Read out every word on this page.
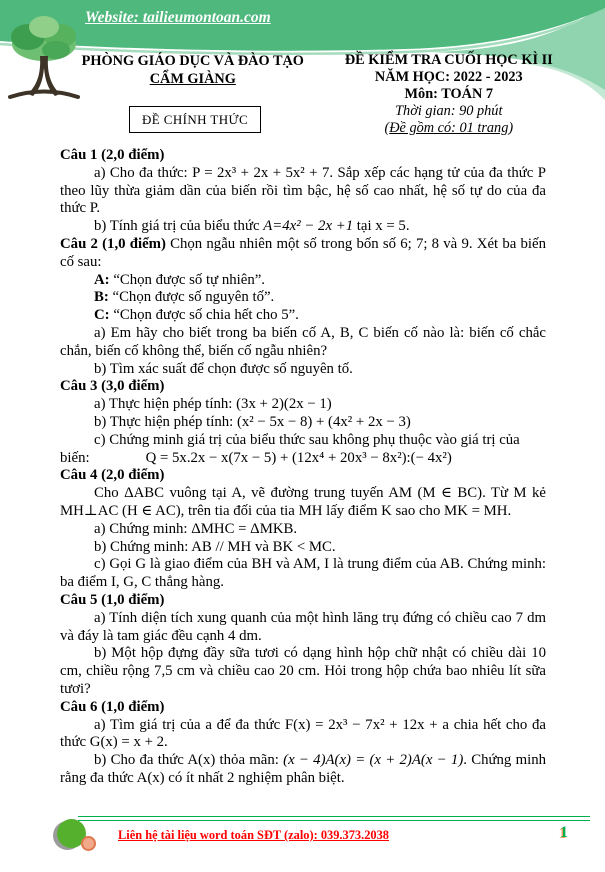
Website: tailieumontoan.com
PHÒNG GIÁO DỤC VÀ ĐÀO TẠO
CẨM GIÀNG
ĐỀ KIỂM TRA CUỐI HỌC KÌ II
NĂM HỌC: 2022 - 2023
Môn: TOÁN 7
Thời gian: 90 phút
(Đề gồm có: 01 trang)
ĐỀ CHÍNH THỨC

Câu 1 (2,0 điểm)

a) Cho đa thức: P = 2x³ + 2x + 5x² + 7. Sắp xếp các hạng tử của đa thức P theo lũy thừa giảm dần của biến rồi tìm bậc, hệ số cao nhất, hệ số tự do của đa thức P.

b) Tính giá trị của biểu thức A=4x² − 2x +1 tại x = 5.

Câu 2 (1,0 điểm) Chọn ngẫu nhiên một số trong bốn số 6; 7; 8 và 9. Xét ba biến cố sau:

A: “Chọn được số tự nhiên”.

B: “Chọn được số nguyên tố”.

C: “Chọn được số chia hết cho 5”.

a) Em hãy cho biết trong ba biến cố A, B, C biến cố nào là: biến cố chắc chắn, biến cố không thể, biến cố ngẫu nhiên?

b) Tìm xác suất để chọn được số nguyên tố.

Câu 3 (3,0 điểm)

a) Thực hiện phép tính: (3x + 2)(2x − 1)

b) Thực hiện phép tính: (x² − 5x − 8) + (4x² + 2x − 3)

c) Chứng minh giá trị của biểu thức sau không phụ thuộc vào giá trị của

biến:	Q = 5x.2x − x(7x − 5) + (12x⁴ + 20x³ − 8x²):(− 4x²)

Câu 4 (2,0 điểm)

Cho ΔABC vuông tại A, vẽ đường trung tuyến AM (M ∈ BC). Từ M kẻ MH⊥AC (H ∈ AC), trên tia đối của tia MH lấy điểm K sao cho MK = MH.

a) Chứng minh: ΔMHC = ΔMKB.

b) Chứng minh: AB // MH và BK < MC.

c) Gọi G là giao điểm của BH và AM, I là trung điểm của AB. Chứng minh: ba điểm I, G, C thẳng hàng.

Câu 5 (1,0 điểm)

a) Tính diện tích xung quanh của một hình lăng trụ đứng có chiều cao 7 dm và đáy là tam giác đều cạnh 4 dm.

b) Một hộp đựng đầy sữa tươi có dạng hình hộp chữ nhật có chiều dài 10 cm, chiều rộng 7,5 cm và chiều cao 20 cm. Hỏi trong hộp chứa bao nhiêu lít sữa tươi?

Câu 6 (1,0 điểm)

a) Tìm giá trị của a để đa thức F(x) = 2x³ − 7x² + 12x + a chia hết cho đa thức G(x) = x + 2.

b) Cho đa thức A(x) thỏa mãn: (x − 4)A(x) = (x + 2)A(x − 1). Chứng minh rằng đa thức A(x) có ít nhất 2 nghiệm phân biệt.

Liên hệ tài liệu word toán SĐT (zalo): 039.373.2038	1
